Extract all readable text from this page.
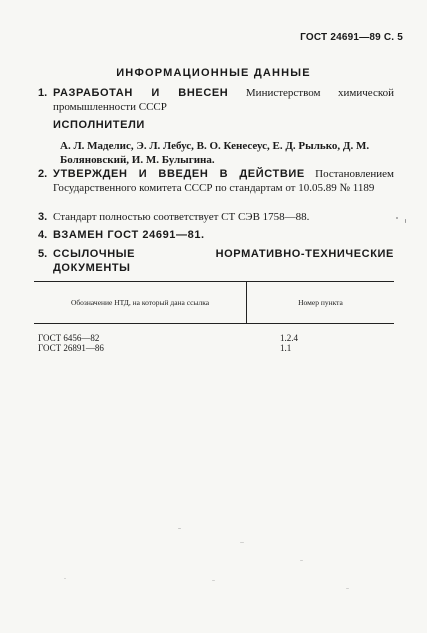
ГОСТ 24691—89 С. 5
ИНФОРМАЦИОННЫЕ ДАННЫЕ
1. РАЗРАБОТАН И ВНЕСЕН Министерством химической промышленности СССР
ИСПОЛНИТЕЛИ
А. Л. Маделис, Э. Л. Лебус, В. О. Кенесеус, Е. Д. Рылько, Д. М. Боляновский, И. М. Булыгина.
2. УТВЕРЖДЕН И ВВЕДЕН В ДЕЙСТВИЕ Постановлением Государственного комитета СССР по стандартам от 10.05.89 № 1189
3. Стандарт полностью соответствует СТ СЭВ 1758—88.
4. ВЗАМЕН ГОСТ 24691—81.
5. ССЫЛОЧНЫЕ НОРМАТИВНО-ТЕХНИЧЕСКИЕ ДОКУМЕНТЫ
Обозначение НТД, на который дана ссылка	Номер пункта
ГОСТ 6456—82	1.2.4
ГОСТ 26891—86	1.1
